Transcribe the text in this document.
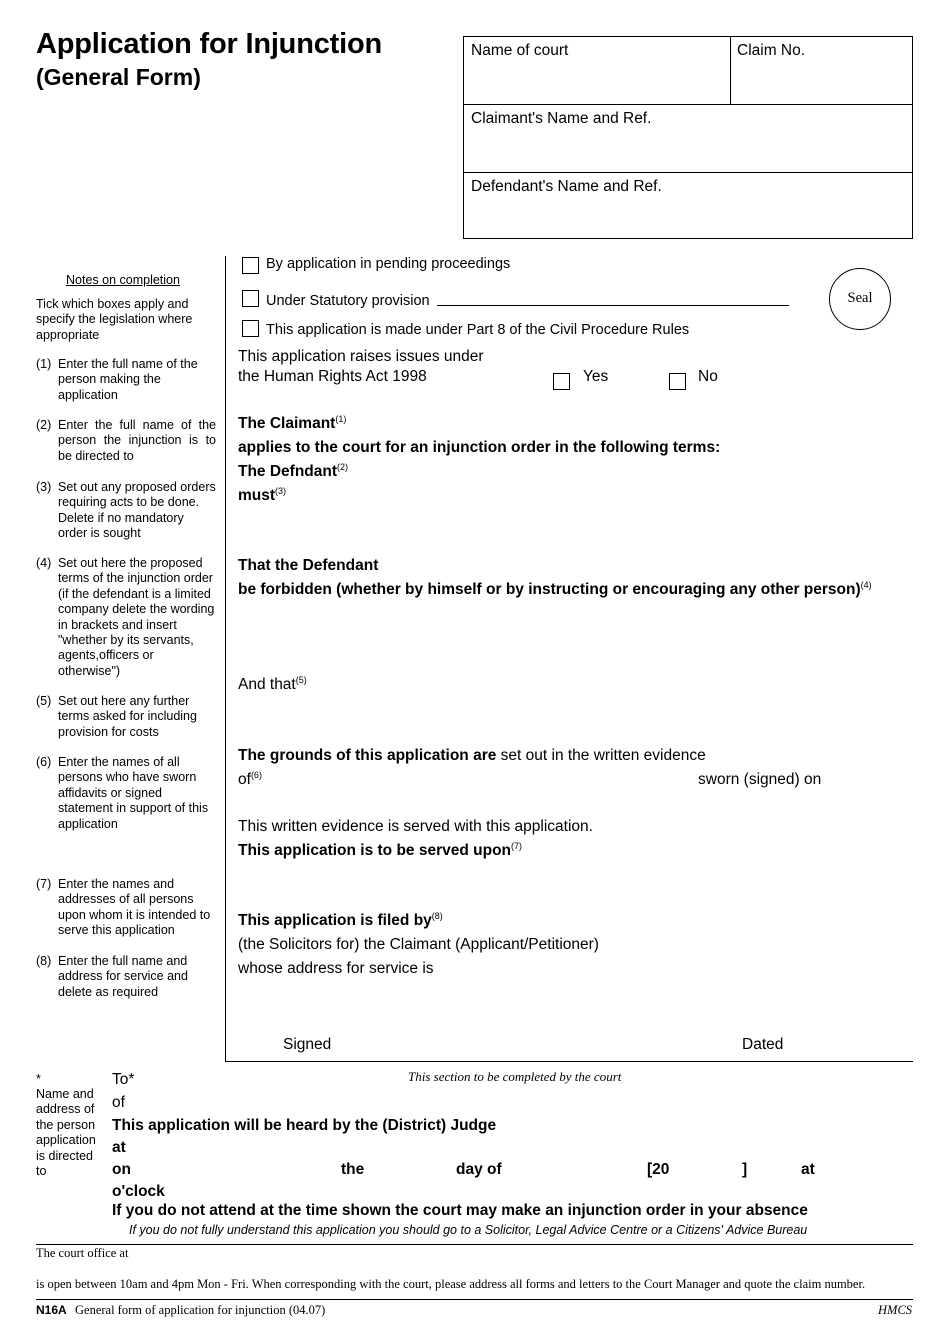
Application for Injunction
(General Form)
Name of court	Claim No.
Claimant's Name and Ref.
Defendant's Name and Ref.
Notes on completion
Tick which boxes apply and specify the legislation where appropriate
(1) Enter the full name of the person making the application
(2) Enter the full name of the person the injunction is to be directed to
(3) Set out any proposed orders requiring acts to be done. Delete if no mandatory order is sought
(4) Set out here the proposed terms of the injunction order (if the defendant is a limited company delete the wording in brackets and insert "whether by its servants, agents,officers or otherwise")
(5) Set out here any further terms asked for including provision for costs
(6) Enter the names of all persons who have sworn affidavits or signed statement in support of this application
(7) Enter the names and addresses of all persons upon whom it is intended to serve this application
(8) Enter the full name and address for service and delete as required
By application in pending proceedings
Under Statutory provision
This application is made under Part 8 of the Civil Procedure Rules
Seal
This application raises issues under
the Human Rights Act 1998	Yes	No
The Claimant$^{(1)}$
applies to the court for an injunction order in the following terms:
The Defndant$^{(2)}$
must$^{(3)}$
That the Defendant
be forbidden (whether by himself or by instructing or encouraging any other person)$^{(4)}$
And that$^{(5)}$
The grounds of this application are set out in the written evidence
$of^{(6)}$	sworn (signed) on
This written evidence is served with this application.
This application is to be served upon$^{(7)}$
This application is filed $by^{(8)}$
(the Solicitors for) the Claimant (Applicant/Petitioner)
whose address for service is
Signed	Dated
*
Name and address of the person application is directed to
This section to be completed by the court
To*
of
This application will be heard by the (District) Judge
at
on	the	day of	[20	]	at
o'clock
If you do not attend at the time shown the court may make an injunction order in your absence
If you do not fully understand this application you should go to a Solicitor, Legal Advice Centre or a Citizens' Advice Bureau
The court office at
is open between 10am and 4pm Mon - Fri. When corresponding with the court, please address all forms and letters to the Court Manager and quote the claim number.
N16A General form of application for injunction (04.07)	HMCS
